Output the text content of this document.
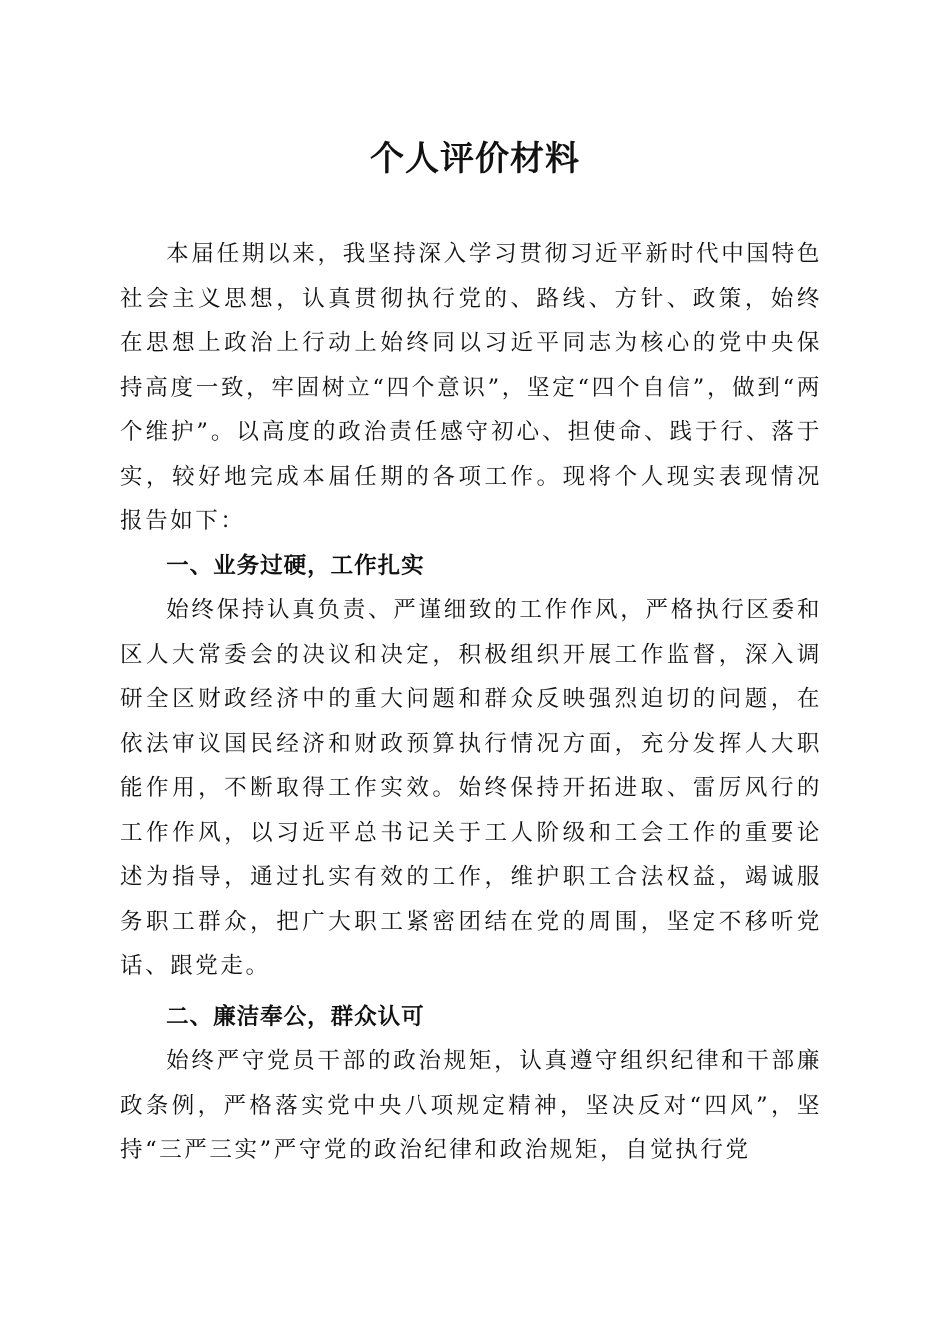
个人评价材料

本届任期以来，我坚持深入学习贯彻习近平新时代中国特色社会主义思想，认真贯彻执行党的、路线、方针、政策，始终在思想上政治上行动上始终同以习近平同志为核心的党中央保持高度一致，牢固树立“四个意识”，坚定“四个自信”，做到“两个维护”。以高度的政治责任感守初心、担使命、践于行、落于实，较好地完成本届任期的各项工作。现将个人现实表现情况报告如下：

一、业务过硬，工作扎实

始终保持认真负责、严谨细致的工作作风，严格执行区委和区人大常委会的决议和决定，积极组织开展工作监督，深入调研全区财政经济中的重大问题和群众反映强烈迫切的问题，在依法审议国民经济和财政预算执行情况方面，充分发挥人大职能作用，不断取得工作实效。始终保持开拓进取、雷厉风行的工作作风，以习近平总书记关于工人阶级和工会工作的重要论述为指导，通过扎实有效的工作，维护职工合法权益，竭诚服务职工群众，把广大职工紧密团结在党的周围，坚定不移听党话、跟党走。

二、廉洁奉公，群众认可

始终严守党员干部的政治规矩，认真遵守组织纪律和干部廉政条例，严格落实党中央八项规定精神，坚决反对“四风”，坚持“三严三实”严守党的政治纪律和政治规矩，自觉执行党
